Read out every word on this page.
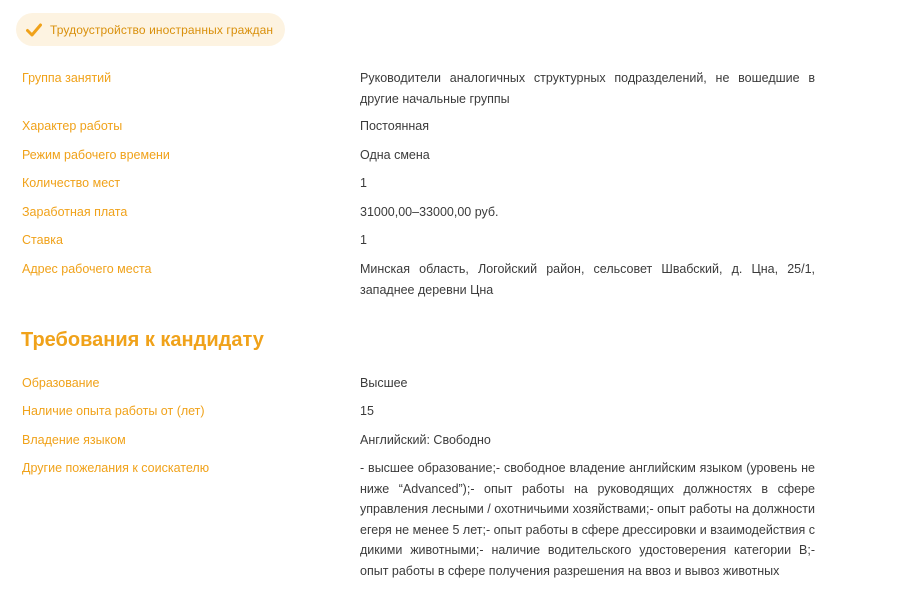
Трудоустройство иностранных граждан
Группа занятий	Руководители аналогичных структурных подразделений, не вошедшие в другие начальные группы
Характер работы	Постоянная
Режим рабочего времени	Одна смена
Количество мест	1
Заработная плата	31000,00–33000,00 руб.
Ставка	1
Адрес рабочего места	Минская область, Логойский район, сельсовет Швабский, д. Цна, 25/1, западнее деревни Цна
Требования к кандидату
Образование	Высшее
Наличие опыта работы от (лет)	15
Владение языком	Английский: Свободно
Другие пожелания к соискателю	- высшее образование;- свободное владение английским языком (уровень не ниже “Advanced”);- опыт работы на руководящих должностях в сфере управления лесными / охотничьими хозяйствами;- опыт работы на должности егеря не менее 5 лет;- опыт работы в сфере дрессировки и взаимодействия с дикими животными;- наличие водительского удостоверения категории B;- опыт работы в сфере получения разрешения на ввоз и вывоз животных
